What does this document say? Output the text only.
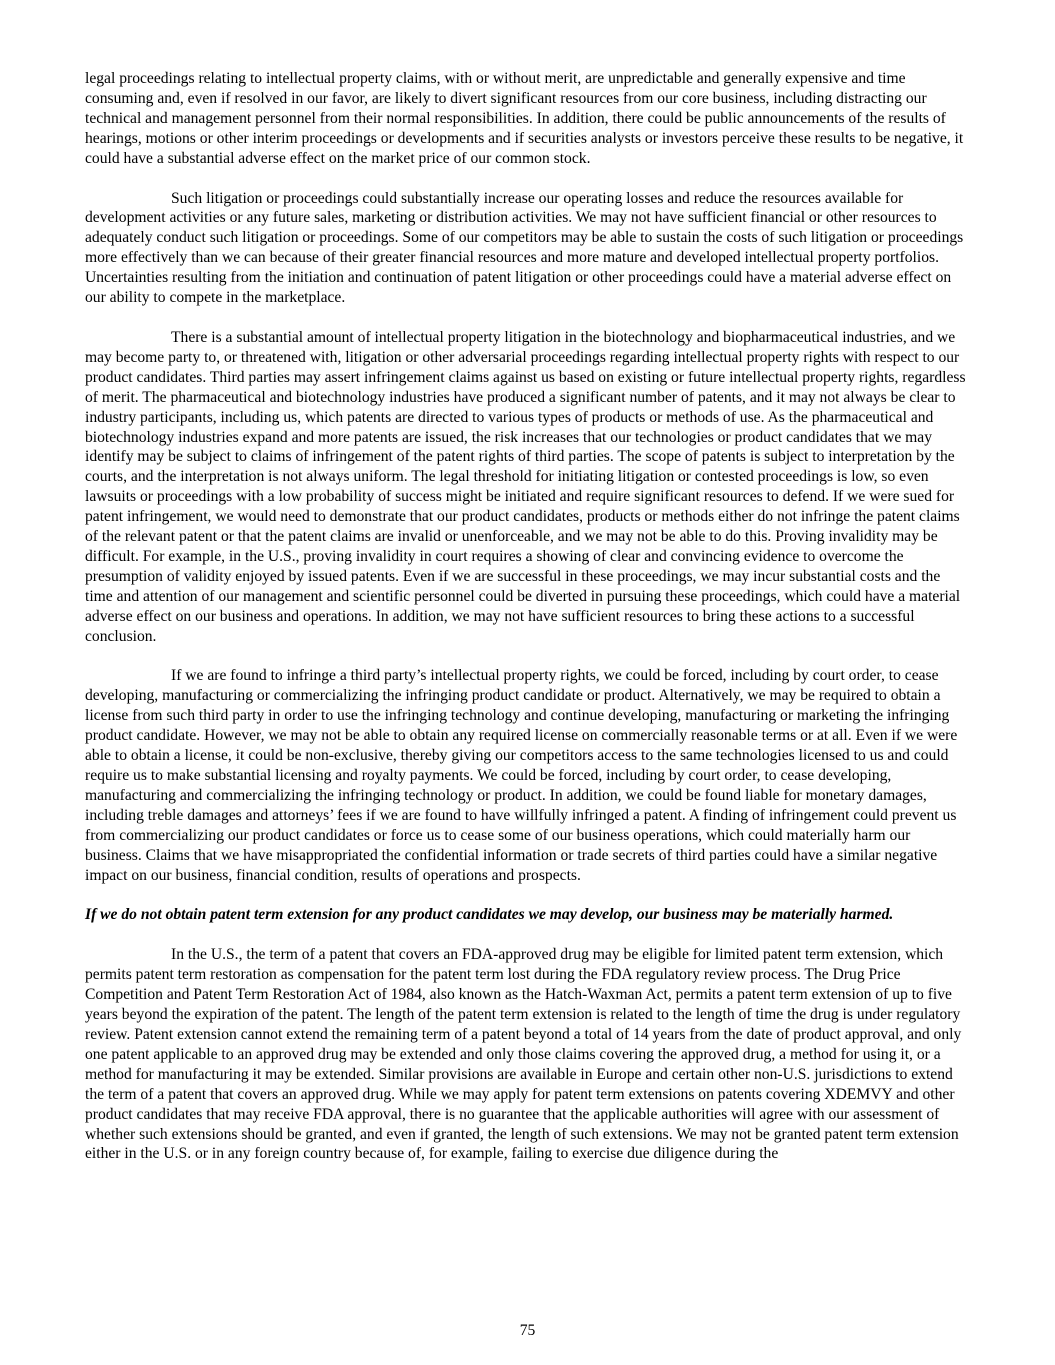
legal proceedings relating to intellectual property claims, with or without merit, are unpredictable and generally expensive and time consuming and, even if resolved in our favor, are likely to divert significant resources from our core business, including distracting our technical and management personnel from their normal responsibilities. In addition, there could be public announcements of the results of hearings, motions or other interim proceedings or developments and if securities analysts or investors perceive these results to be negative, it could have a substantial adverse effect on the market price of our common stock.

Such litigation or proceedings could substantially increase our operating losses and reduce the resources available for development activities or any future sales, marketing or distribution activities. We may not have sufficient financial or other resources to adequately conduct such litigation or proceedings. Some of our competitors may be able to sustain the costs of such litigation or proceedings more effectively than we can because of their greater financial resources and more mature and developed intellectual property portfolios. Uncertainties resulting from the initiation and continuation of patent litigation or other proceedings could have a material adverse effect on our ability to compete in the marketplace.

There is a substantial amount of intellectual property litigation in the biotechnology and biopharmaceutical industries, and we may become party to, or threatened with, litigation or other adversarial proceedings regarding intellectual property rights with respect to our product candidates. Third parties may assert infringement claims against us based on existing or future intellectual property rights, regardless of merit. The pharmaceutical and biotechnology industries have produced a significant number of patents, and it may not always be clear to industry participants, including us, which patents are directed to various types of products or methods of use. As the pharmaceutical and biotechnology industries expand and more patents are issued, the risk increases that our technologies or product candidates that we may identify may be subject to claims of infringement of the patent rights of third parties. The scope of patents is subject to interpretation by the courts, and the interpretation is not always uniform. The legal threshold for initiating litigation or contested proceedings is low, so even lawsuits or proceedings with a low probability of success might be initiated and require significant resources to defend. If we were sued for patent infringement, we would need to demonstrate that our product candidates, products or methods either do not infringe the patent claims of the relevant patent or that the patent claims are invalid or unenforceable, and we may not be able to do this. Proving invalidity may be difficult. For example, in the U.S., proving invalidity in court requires a showing of clear and convincing evidence to overcome the presumption of validity enjoyed by issued patents. Even if we are successful in these proceedings, we may incur substantial costs and the time and attention of our management and scientific personnel could be diverted in pursuing these proceedings, which could have a material adverse effect on our business and operations. In addition, we may not have sufficient resources to bring these actions to a successful conclusion.

If we are found to infringe a third party’s intellectual property rights, we could be forced, including by court order, to cease developing, manufacturing or commercializing the infringing product candidate or product. Alternatively, we may be required to obtain a license from such third party in order to use the infringing technology and continue developing, manufacturing or marketing the infringing product candidate. However, we may not be able to obtain any required license on commercially reasonable terms or at all. Even if we were able to obtain a license, it could be non-exclusive, thereby giving our competitors access to the same technologies licensed to us and could require us to make substantial licensing and royalty payments. We could be forced, including by court order, to cease developing, manufacturing and commercializing the infringing technology or product. In addition, we could be found liable for monetary damages, including treble damages and attorneys’ fees if we are found to have willfully infringed a patent. A finding of infringement could prevent us from commercializing our product candidates or force us to cease some of our business operations, which could materially harm our business. Claims that we have misappropriated the confidential information or trade secrets of third parties could have a similar negative impact on our business, financial condition, results of operations and prospects.

If we do not obtain patent term extension for any product candidates we may develop, our business may be materially harmed.

In the U.S., the term of a patent that covers an FDA-approved drug may be eligible for limited patent term extension, which permits patent term restoration as compensation for the patent term lost during the FDA regulatory review process. The Drug Price Competition and Patent Term Restoration Act of 1984, also known as the Hatch-Waxman Act, permits a patent term extension of up to five years beyond the expiration of the patent. The length of the patent term extension is related to the length of time the drug is under regulatory review. Patent extension cannot extend the remaining term of a patent beyond a total of 14 years from the date of product approval, and only one patent applicable to an approved drug may be extended and only those claims covering the approved drug, a method for using it, or a method for manufacturing it may be extended. Similar provisions are available in Europe and certain other non-U.S. jurisdictions to extend the term of a patent that covers an approved drug. While we may apply for patent term extensions on patents covering XDEMVY and other product candidates that may receive FDA approval, there is no guarantee that the applicable authorities will agree with our assessment of whether such extensions should be granted, and even if granted, the length of such extensions. We may not be granted patent term extension either in the U.S. or in any foreign country because of, for example, failing to exercise due diligence during the

75
